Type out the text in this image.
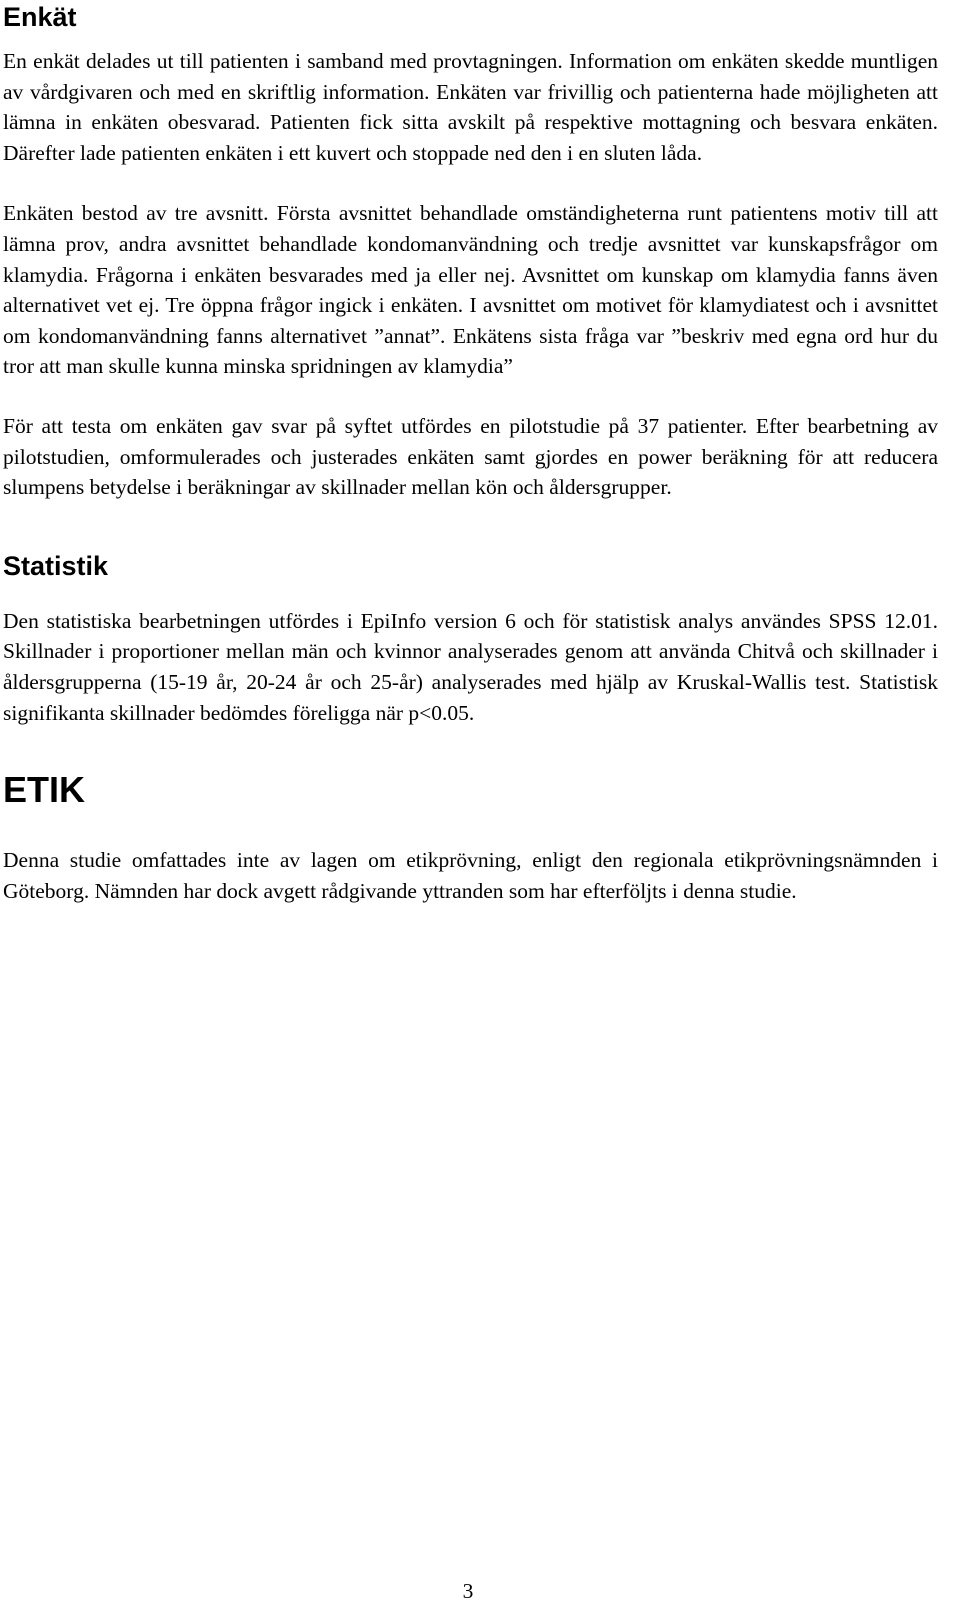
Enkät

En enkät delades ut till patienten i samband med provtagningen. Information om enkäten skedde muntligen av vårdgivaren och med en skriftlig information. Enkäten var frivillig och patienterna hade möjligheten att lämna in enkäten obesvarad. Patienten fick sitta avskilt på respektive mottagning och besvara enkäten. Därefter lade patienten enkäten i ett kuvert och stoppade ned den i en sluten låda.

Enkäten bestod av tre avsnitt. Första avsnittet behandlade omständigheterna runt patientens motiv till att lämna prov, andra avsnittet behandlade kondomanvändning och tredje avsnittet var kunskapsfrågor om klamydia. Frågorna i enkäten besvarades med ja eller nej. Avsnittet om kunskap om klamydia fanns även alternativet vet ej. Tre öppna frågor ingick i enkäten. I avsnittet om motivet för klamydiatest och i avsnittet om kondomanvändning fanns alternativet ”annat”. Enkätens sista fråga var ”beskriv med egna ord hur du tror att man skulle kunna minska spridningen av klamydia”

För att testa om enkäten gav svar på syftet utfördes en pilotstudie på 37 patienter. Efter bearbetning av pilotstudien, omformulerades och justerades enkäten samt gjordes en power beräkning för att reducera slumpens betydelse i beräkningar av skillnader mellan kön och åldersgrupper.

Statistik

Den statistiska bearbetningen utfördes i EpiInfo version 6 och för statistisk analys användes SPSS 12.01. Skillnader i proportioner mellan män och kvinnor analyserades genom att använda Chitvå och skillnader i åldersgrupperna (15-19 år, 20-24 år och 25-år) analyserades med hjälp av Kruskal-Wallis test. Statistisk signifikanta skillnader bedömdes föreligga när p<0.05.

ETIK

Denna studie omfattades inte av lagen om etikprövning, enligt den regionala etikprövningsnämnden i Göteborg. Nämnden har dock avgett rådgivande yttranden som har efterföljts i denna studie.

3
